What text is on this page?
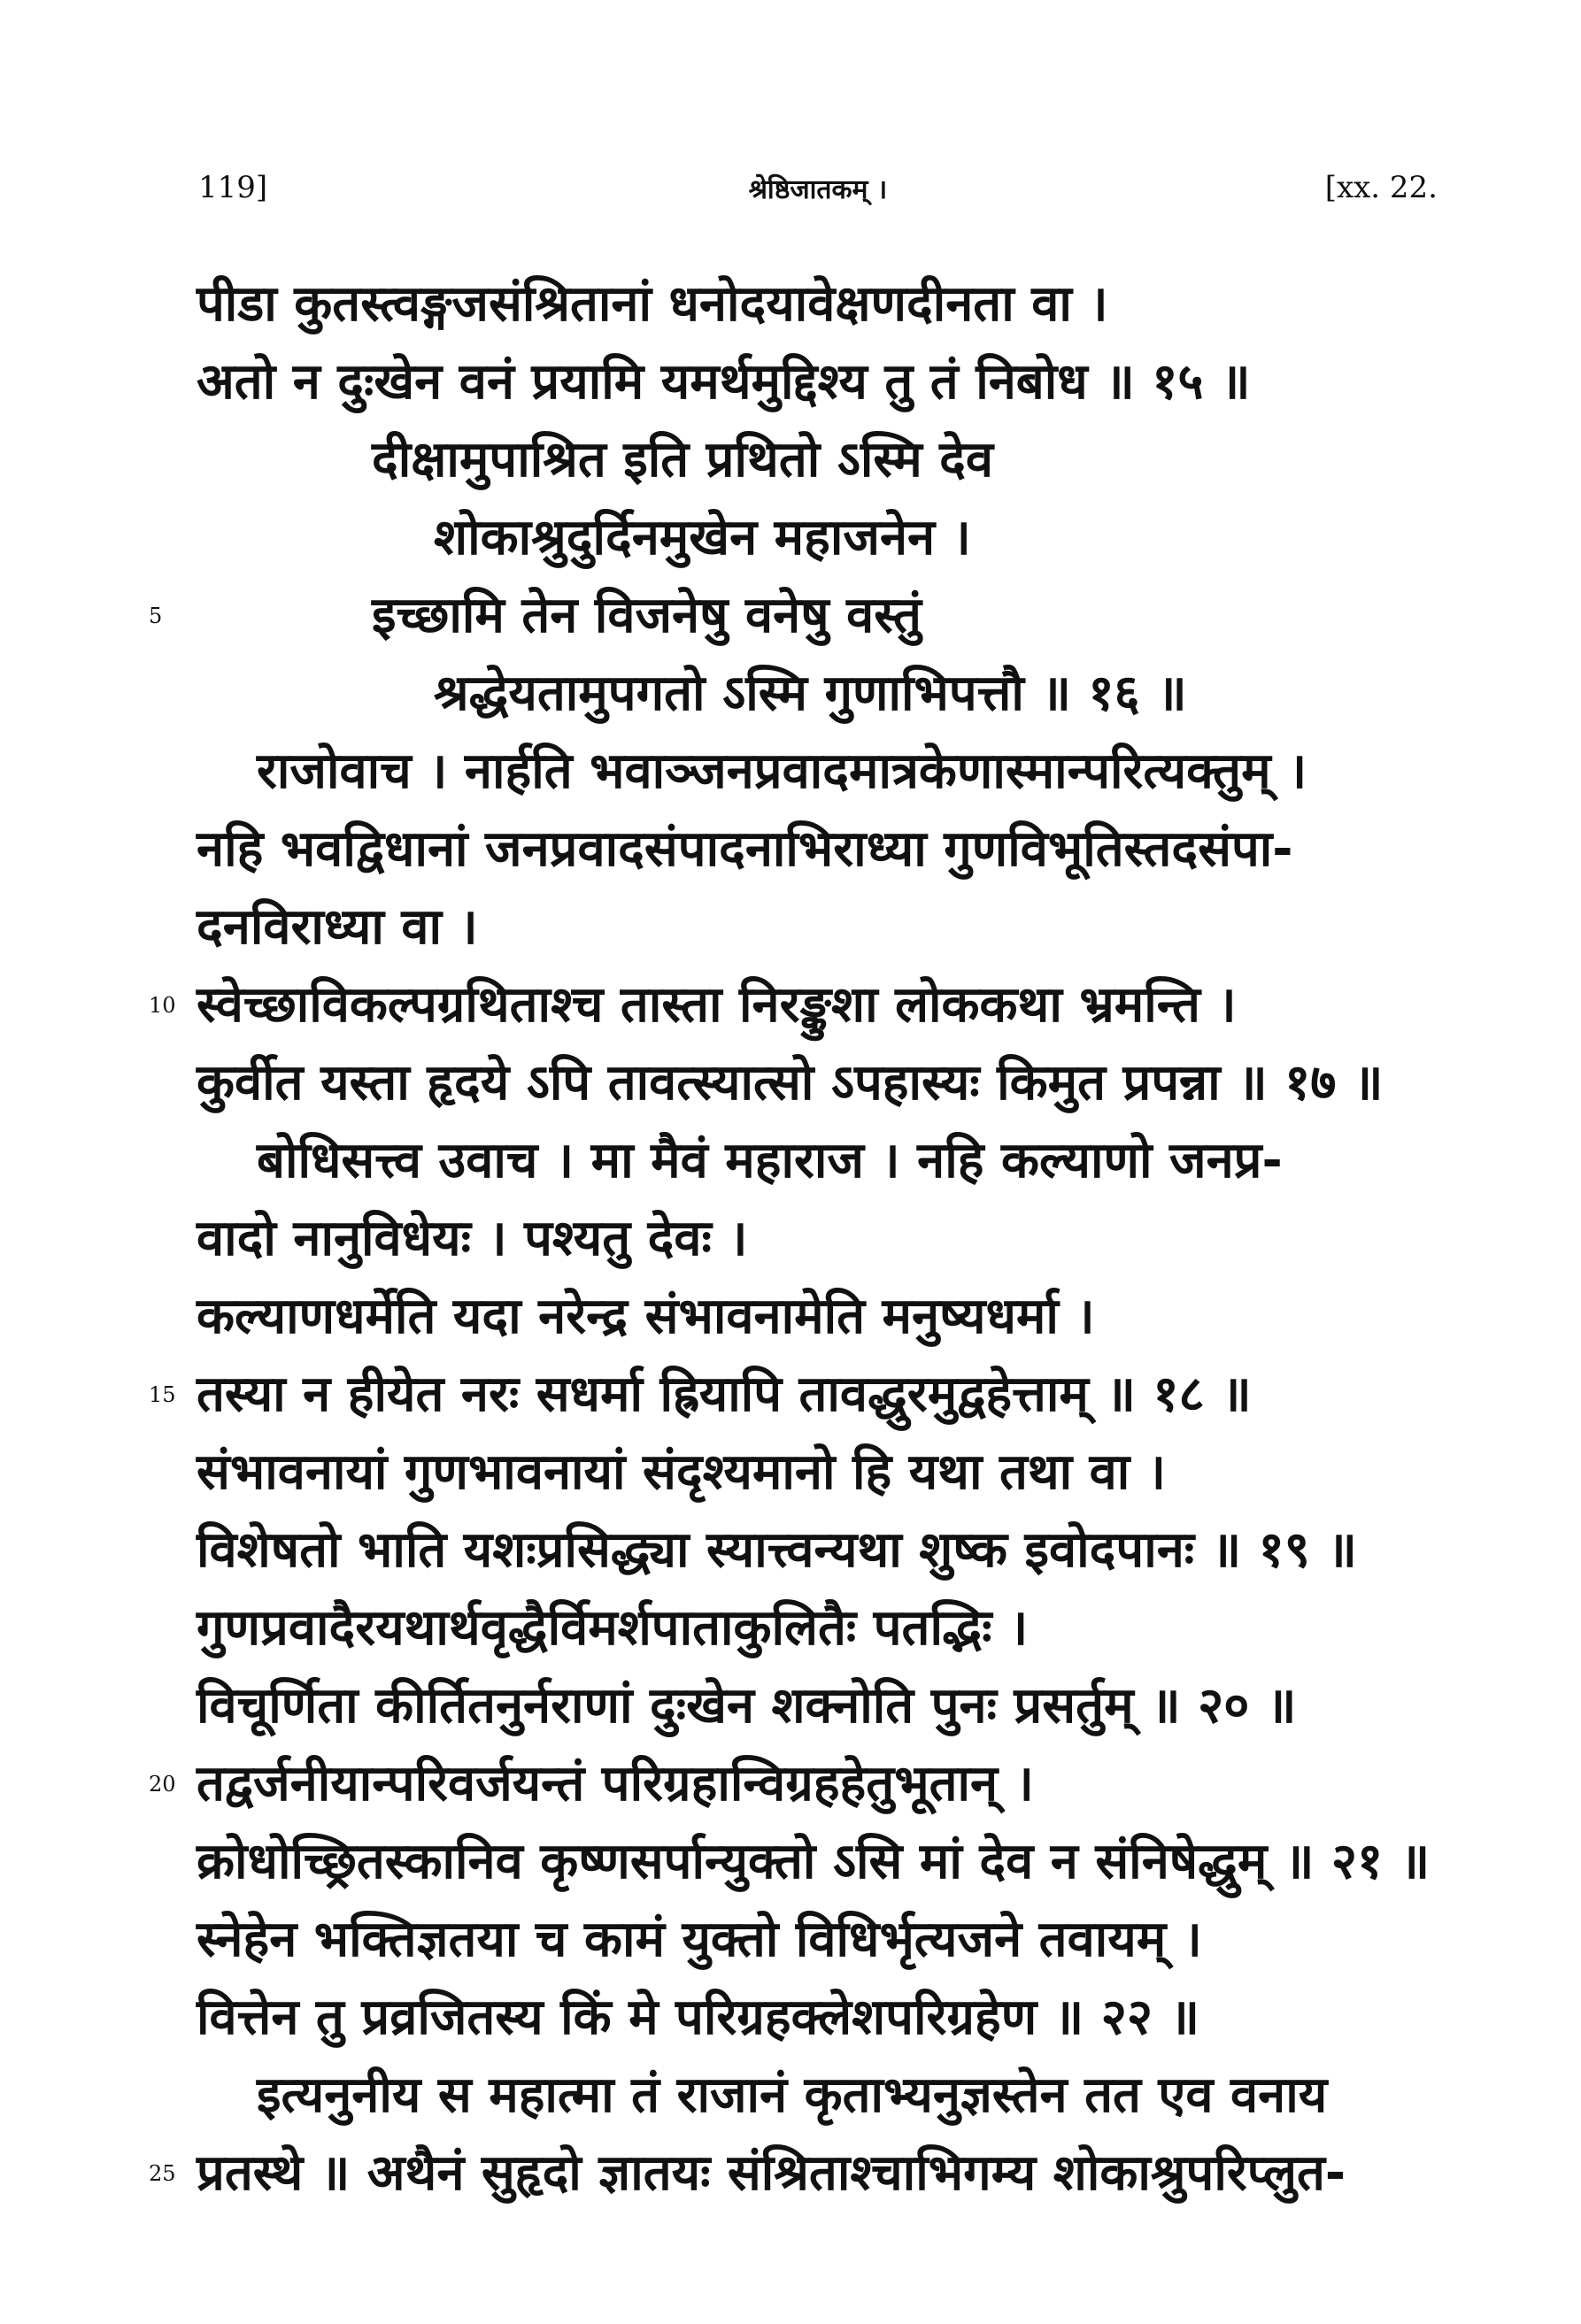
119]	श्रेष्ठिजातकम् ।	[xx. 22.
पीडा कुतस्त्वङ्गजसंश्रितानां धनोदयावेक्षणदीनता वा ।
अतो न दुःखेन वनं प्रयामि यमर्थमुद्दिश्य तु तं निबोध ॥ १५ ॥
दीक्षामुपाश्रित इति प्रथितो ऽस्मि देव
शोकाश्रुदुर्दिनमुखेन महाजनेन ।
5	इच्छामि तेन विजनेषु वनेषु वस्तुं
श्रद्धेयतामुपगतो ऽस्मि गुणाभिपत्तौ ॥ १६ ॥
राजोवाच । नार्हति भवाञ्जनप्रवादमात्रकेणास्मान्परित्यक्तुम् ।
नहि भवद्विधानां जनप्रवादसंपादनाभिराध्या गुणविभूतिस्तदसंपा-
दनविराध्या वा ।
10 स्वेच्छाविकल्पग्रथिताश्च तास्ता निरङ्कुशा लोककथा भ्रमन्ति ।
कुर्वीत यस्ता हृदये ऽपि तावत्स्यात्सो ऽपहास्यः किमुत प्रपन्ना ॥ १७ ॥
बोधिसत्त्व उवाच । मा मैवं महाराज । नहि कल्याणो जनप्र-
वादो नानुविधेयः । पश्यतु देवः ।
कल्याणधर्मेति यदा नरेन्द्र संभावनामेति मनुष्यधर्मा ।
15 तस्या न हीयेत नरः सधर्मा ह्रियापि तावद्धुरमुद्वहेत्ताम् ॥ १८ ॥
संभावनायां गुणभावनायां संदृश्यमानो हि यथा तथा वा ।
विशेषतो भाति यशःप्रसिद्ध्या स्यात्त्वन्यथा शुष्क इवोदपानः ॥ १९ ॥
गुणप्रवादैरयथार्थवृद्धैर्विमर्शपाताकुलितैः पतद्भिः ।
विचूर्णिता कीर्तितनुर्नराणां दुःखेन शक्नोति पुनः प्रसर्तुम् ॥ २० ॥
20 तद्वर्जनीयान्परिवर्जयन्तं परिग्रहान्विग्रहहेतुभूतान् ।
क्रोधोच्छ्रितस्कानिव कृष्णसर्पान्युक्तो ऽसि मां देव न संनिषेद्धुम् ॥ २१ ॥
स्नेहेन भक्तिज्ञतया च कामं युक्तो विधिर्भृत्यजने तवायम् ।
वित्तेन तु प्रव्रजितस्य किं मे परिग्रहक्लेशपरिग्रहेण ॥ २२ ॥
इत्यनुनीय स महात्मा तं राजानं कृताभ्यनुज्ञस्तेन तत एव वनाय
25 प्रतस्थे ॥ अथैनं सुहृदो ज्ञातयः संश्रिताश्चाभिगम्य शोकाश्रुपरिप्लुत-
